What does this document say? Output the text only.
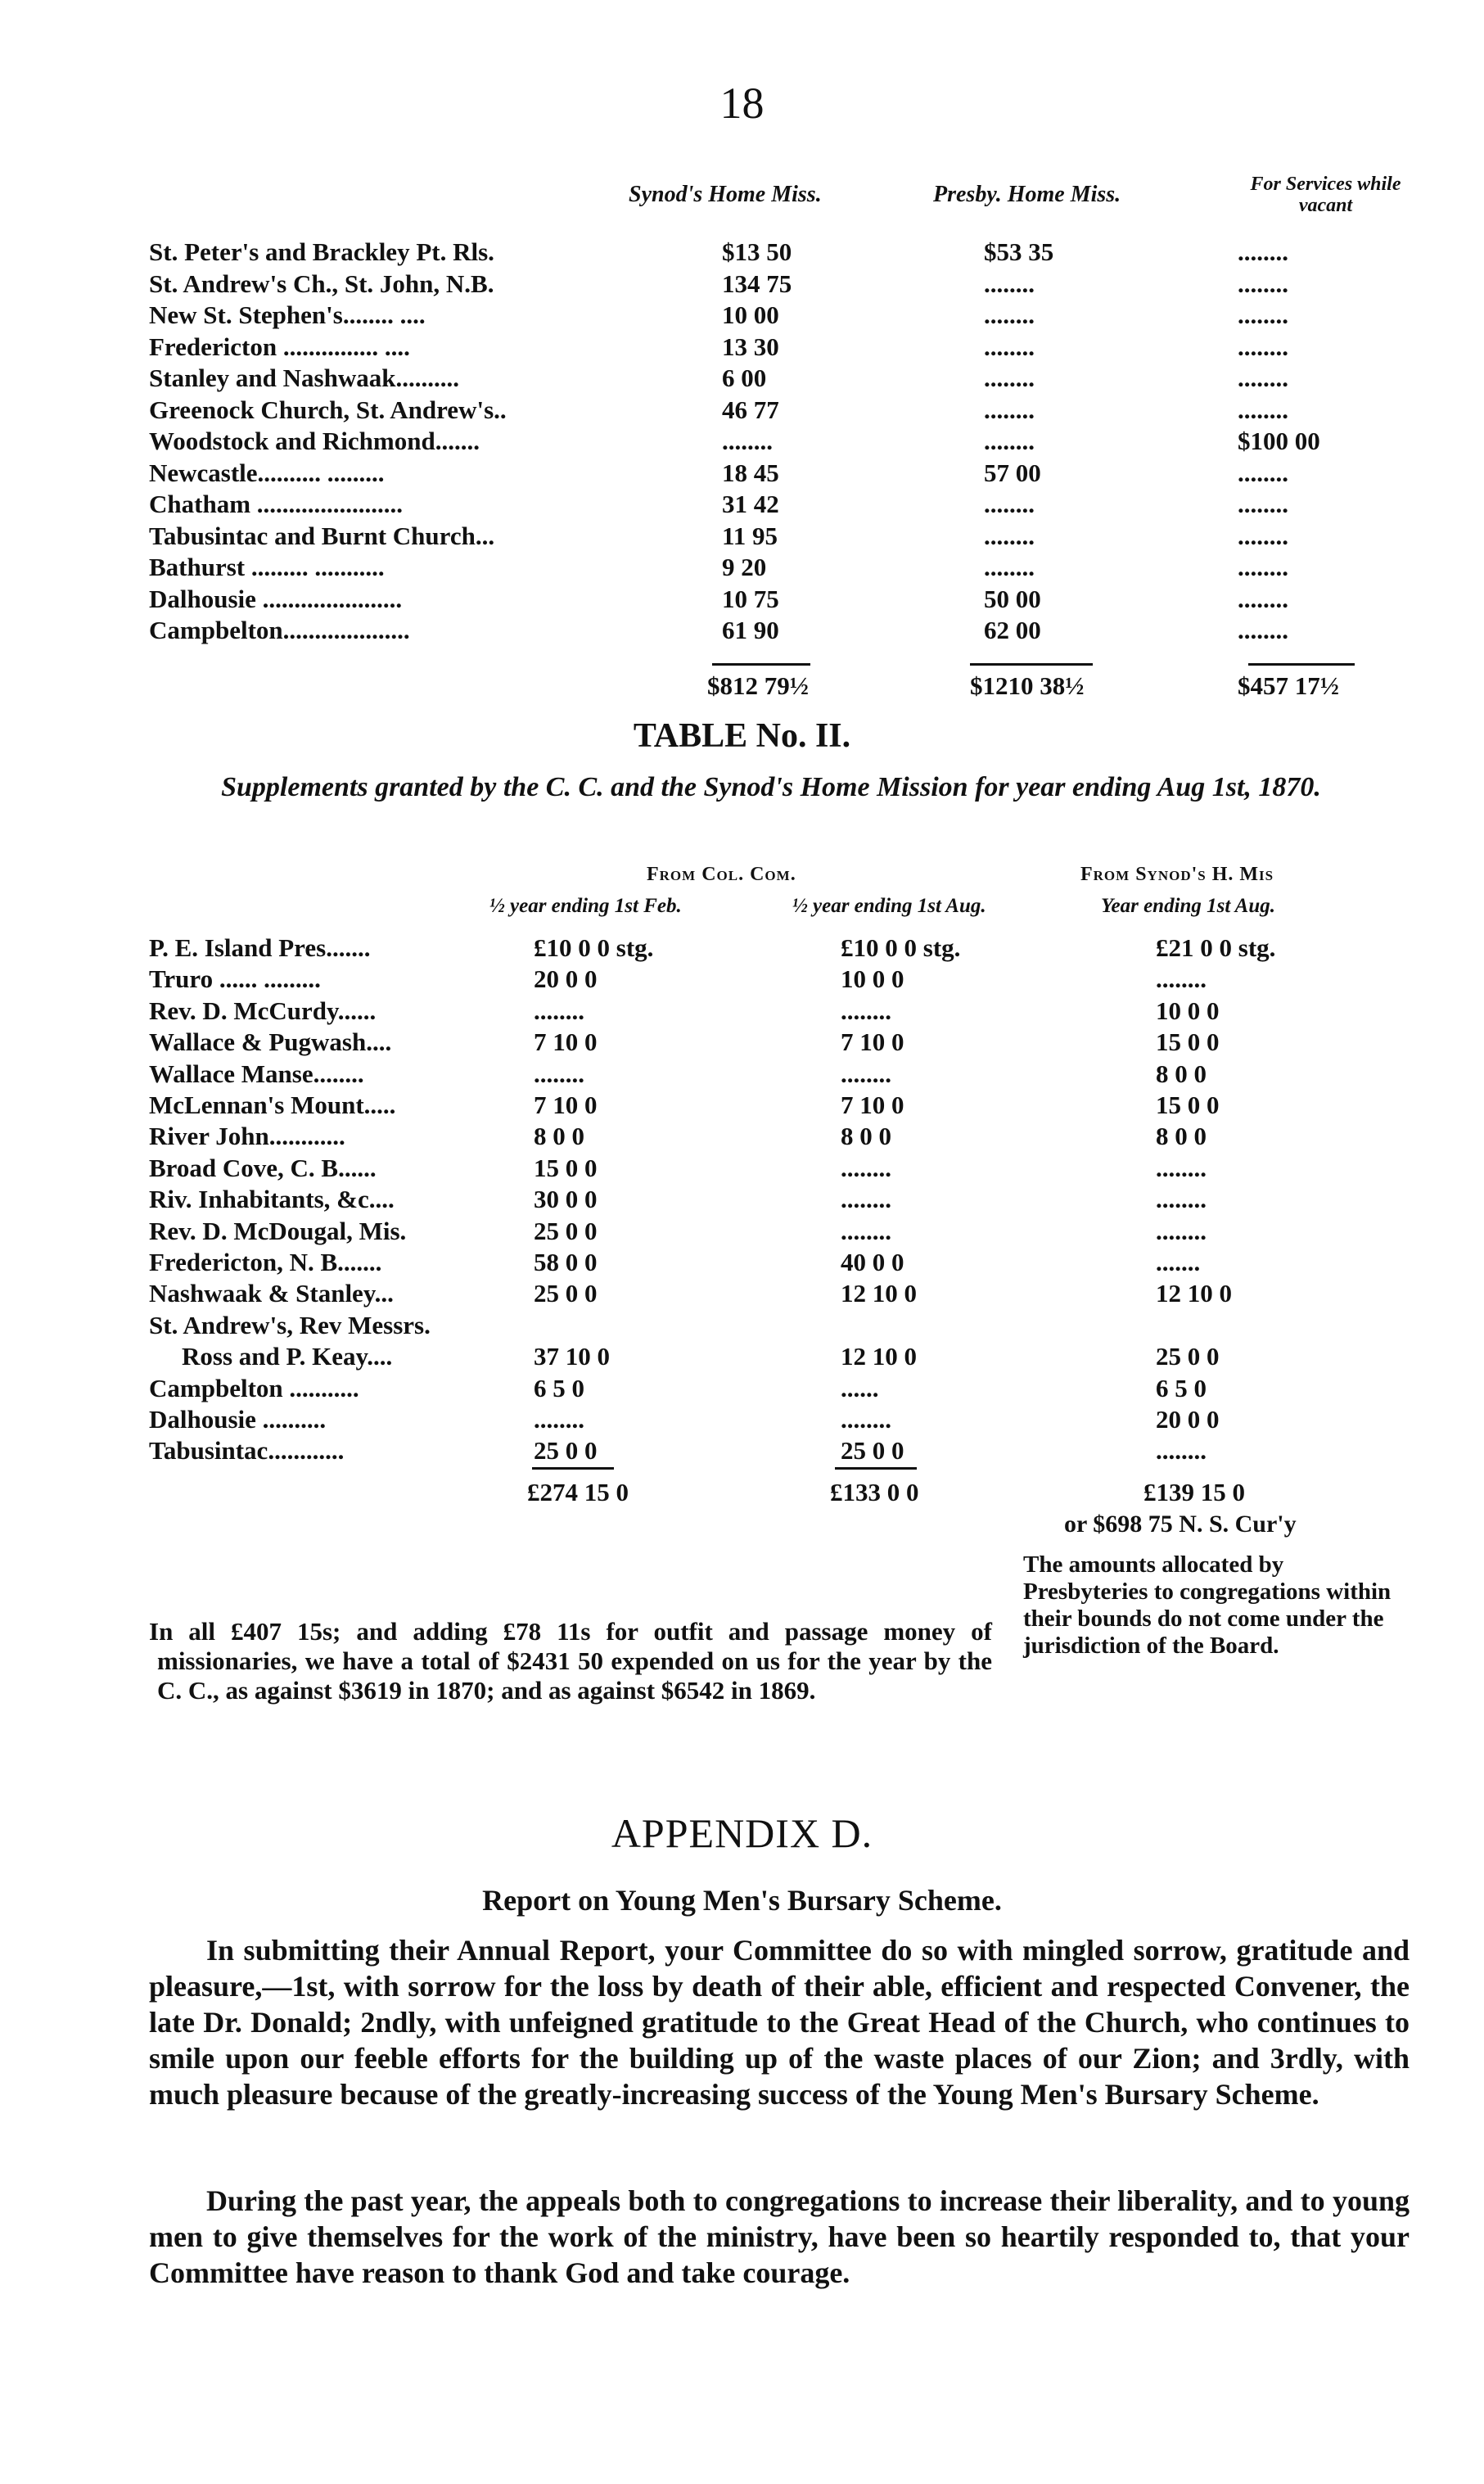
18
Synod's Home Miss.	Presby. Home Miss.	For Services while vacant
St. Peter's and Brackley Pt. Rls.	$13 50	$53 35	........
St. Andrew's Ch., St. John, N.B.	134 75	........	........
New St. Stephen's........ ....	10 00	........	........
Fredericton ............... ....	13 30	........	........
Stanley and Nashwaak..........	6 00	........	........
Greenock Church, St. Andrew's..	46 77	........	........
Woodstock and Richmond.......	........	........	$100 00
Newcastle.......... .........	18 45	57 00	........
Chatham .......................	31 42	........	........
Tabusintac and Burnt Church...	11 95	........	........
Bathurst ......... ...........	9 20	........	........
Dalhousie ......................	10 75	50 00	........
Campbelton....................	61 90	62 00	........
$812 79½	$1210 38½	$457 17½
TABLE No. II.
Supplements granted by the C. C. and the Synod's Home Mission for year ending Aug 1st, 1870.
From Col. Com.	From Synod's H. Mis
½ year ending 1st Feb.	½ year ending 1st Aug.	Year ending 1st Aug.
P. E. Island Pres.......	£10 0 0 stg.	£10 0 0 stg.	£21 0 0 stg.
Truro ...... .........	20 0 0	10 0 0	........
Rev. D. McCurdy......	........	........	10 0 0
Wallace & Pugwash....	7 10 0	7 10 0	15 0 0
Wallace Manse........	........	........	8 0 0
McLennan's Mount.....	7 10 0	7 10 0	15 0 0
River John............	8 0 0	8 0 0	8 0 0
Broad Cove, C. B......	15 0 0	........	........
Riv. Inhabitants, &c....	30 0 0	........	........
Rev. D. McDougal, Mis.	25 0 0	........	........
Fredericton, N. B.......	58 0 0	40 0 0	.......
Nashwaak & Stanley...	25 0 0	12 10 0	12 10 0
St. Andrew's, Rev Messrs.
Ross and P. Keay....	37 10 0	12 10 0	25 0 0
Campbelton ...........	6 5 0	......	6 5 0
Dalhousie ..........	........	........	20 0 0
Tabusintac............	25 0 0	25 0 0	........
£274 15 0	£133 0 0	£139 15 0
or $698 75 N. S. Cur'y
The amounts allocated by Presbyteries to congregations within their bounds do not come under the jurisdiction of the Board.
In all £407 15s; and adding £78 11s for outfit and passage money of missionaries, we have a total of $2431 50 expended on us for the year by the C. C., as against $3619 in 1870; and as against $6542 in 1869.
APPENDIX D.
Report on Young Men's Bursary Scheme.
In submitting their Annual Report, your Committee do so with mingled sorrow, gratitude and pleasure,—1st, with sorrow for the loss by death of their able, efficient and respected Convener, the late Dr. Donald; 2ndly, with unfeigned gratitude to the Great Head of the Church, who continues to smile upon our feeble efforts for the building up of the waste places of our Zion; and 3rdly, with much pleasure because of the greatly-increasing success of the Young Men's Bursary Scheme.
During the past year, the appeals both to congregations to increase their liberality, and to young men to give themselves for the work of the ministry, have been so heartily responded to, that your Committee have reason to thank God and take courage.
